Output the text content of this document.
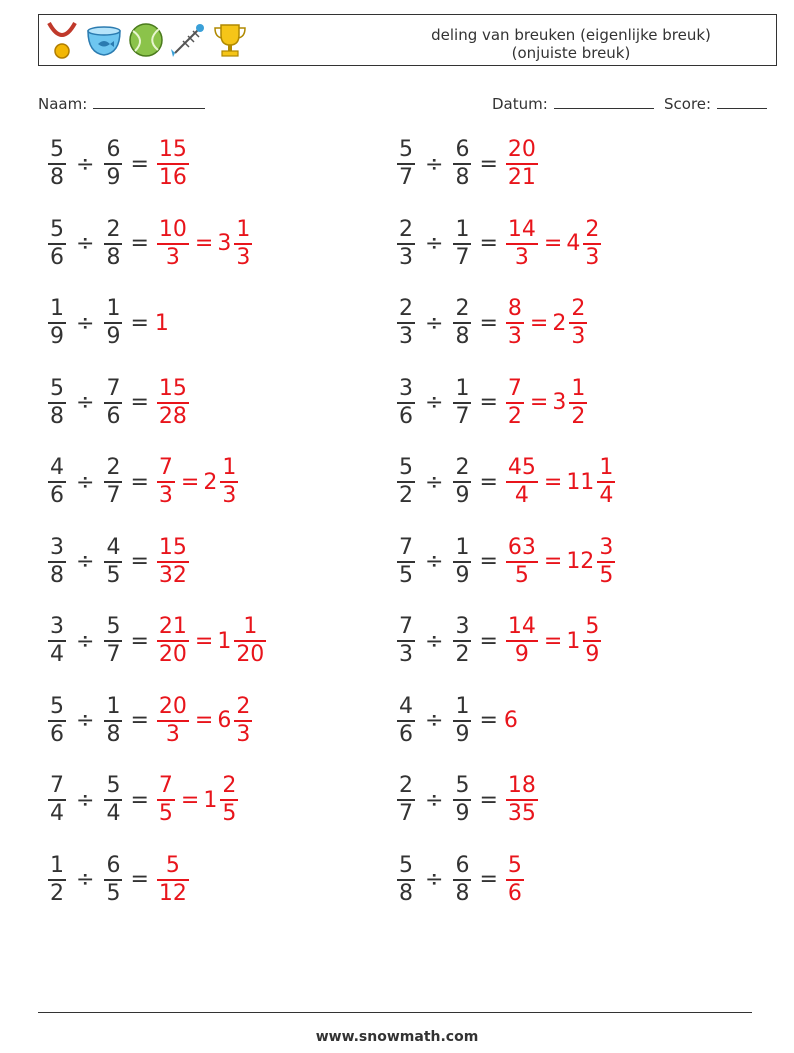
deling van breuken (eigenlijke breuk)
(onjuiste breuk)
Naam:	Datum:	Score:
$\frac{5}{8} \div \frac{6}{9} = \frac{15}{16}$	$\frac{5}{7} \div \frac{6}{8} = \frac{20}{21}$
$\frac{5}{6} \div \frac{2}{8} = \frac{10}{3} = 3 \frac{1}{3}$	$\frac{2}{3} \div \frac{1}{7} = \frac{14}{3} = 4 \frac{2}{3}$
$\frac{1}{9} \div \frac{1}{9} = 1$	$\frac{2}{3} \div \frac{2}{8} = \frac{8}{3} = 2 \frac{2}{3}$
$\frac{5}{8} \div \frac{7}{6} = \frac{15}{28}$	$\frac{3}{6} \div \frac{1}{7} = \frac{7}{2} = 3 \frac{1}{2}$
$\frac{4}{6} \div \frac{2}{7} = \frac{7}{3} = 2 \frac{1}{3}$	$\frac{5}{2} \div \frac{2}{9} = \frac{45}{4} = 11 \frac{1}{4}$
$\frac{3}{8} \div \frac{4}{5} = \frac{15}{32}$	$\frac{7}{5} \div \frac{1}{9} = \frac{63}{5} = 12 \frac{3}{5}$
$\frac{3}{4} \div \frac{5}{7} = \frac{21}{20} = 1 \frac{1}{20}$	$\frac{7}{3} \div \frac{3}{2} = \frac{14}{9} = 1 \frac{5}{9}$
$\frac{5}{6} \div \frac{1}{8} = \frac{20}{3} = 6 \frac{2}{3}$	$\frac{4}{6} \div \frac{1}{9} = 6$
$\frac{7}{4} \div \frac{5}{4} = \frac{7}{5} = 1 \frac{2}{5}$	$\frac{2}{7} \div \frac{5}{9} = \frac{18}{35}$
$\frac{1}{2} \div \frac{6}{5} = \frac{5}{12}$	$\frac{5}{8} \div \frac{6}{8} = \frac{5}{6}$
www.snowmath.com
